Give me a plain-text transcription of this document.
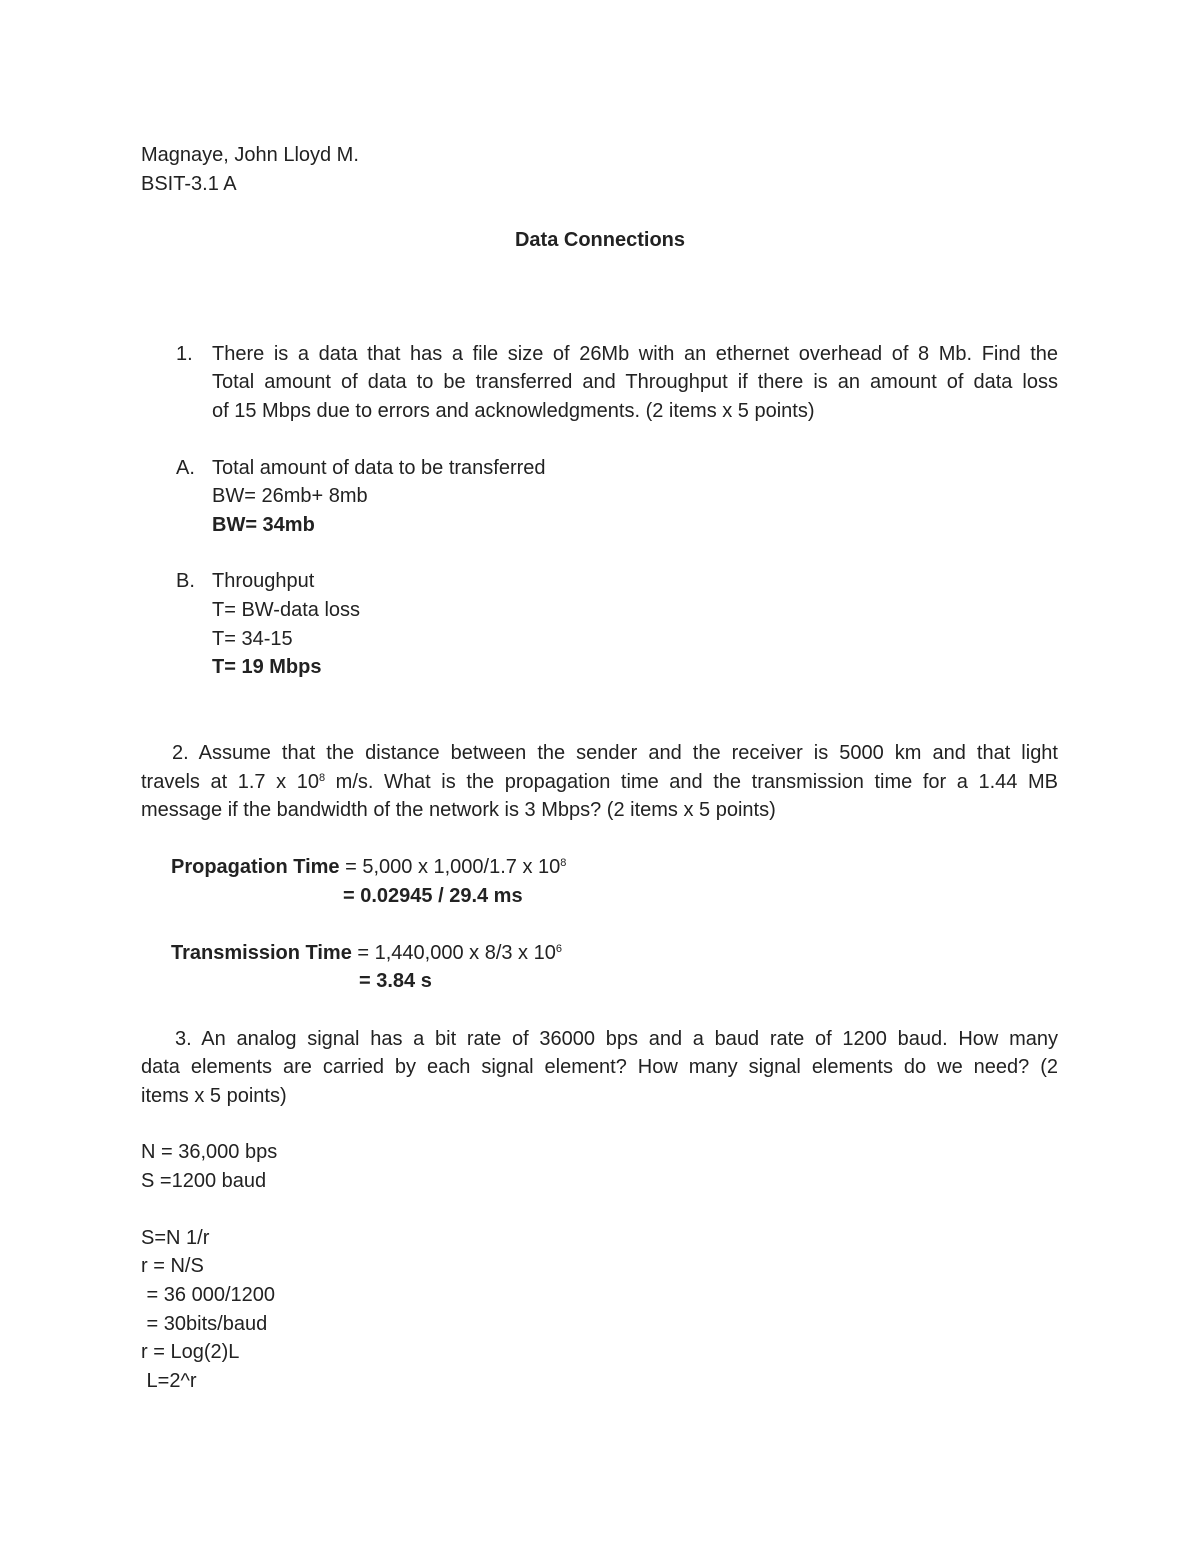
Magnaye, John Lloyd M.

BSIT-3.1 A

Data Connections

1. There is a data that has a file size of 26Mb with an ethernet overhead of 8 Mb. Find the

Total amount of data to be transferred and Throughput if there is an amount of data loss

of 15 Mbps due to errors and acknowledgments. (2 items x 5 points)

A. Total amount of data to be transferred

BW= 26mb+ 8mb

BW= 34mb

B. Throughput

T= BW-data loss

T= 34-15

T= 19 Mbps

2. Assume that the distance between the sender and the receiver is 5000 km and that light

travels at 1.7 x $10^8$ m/s. What is the propagation time and the transmission time for a 1.44 MB

message if the bandwidth of the network is 3 Mbps? (2 items x 5 points)

Propagation Time = 5,000 x 1,000/1.7 x $10^8$

= 0.02945 / 29.4 ms

Transmission Time = 1,440,000 x 8/3 x $10^6$

= 3.84 s

3. An analog signal has a bit rate of 36000 bps and a baud rate of 1200 baud. How many

data elements are carried by each signal element? How many signal elements do we need? (2

items x 5 points)

N = 36,000 bps

S =1200 baud

S=N 1/r

r = N/S

= 36 000/1200

= 30bits/baud

r = Log(2)L

L=2^r
